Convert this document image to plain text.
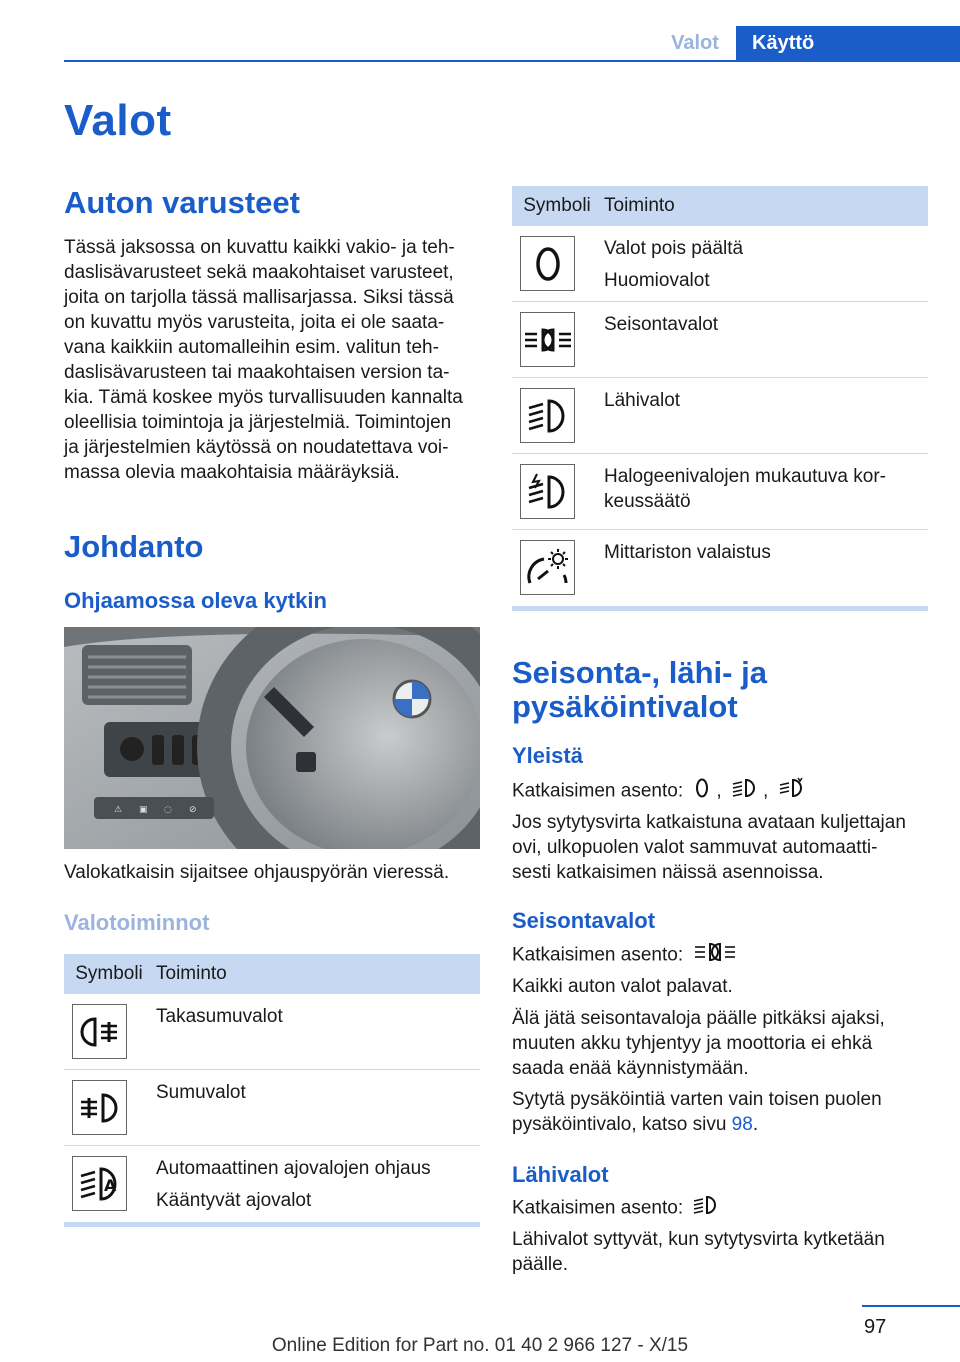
Valot	Käyttö
Valot
Auton varusteet
Tässä jaksossa on kuvattu kaikki vakio- ja teh-
daslisävarusteet sekä maakohtaiset varusteet,
joita on tarjolla tässä mallisarjassa. Siksi tässä
on kuvattu myös varusteita, joita ei ole saata-
vana kaikkiin automalleihin esim. valitun teh-
daslisävarusteen tai maakohtaisen version ta-
kia. Tämä koskee myös turvallisuuden kannalta
oleellisia toimintoja ja järjestelmiä. Toimintojen
ja järjestelmien käytössä on noudatettava voi-
massa olevia maakohtaisia määräyksiä.
Johdanto
Ohjaamossa oleva kytkin
⚠ ▣ ◌ ⊘
Valokatkaisin sijaitsee ohjauspyörän vieressä.
Valotoiminnot
Symboli Toiminto
Takasumuvalot
Sumuvalot
A
Automaattinen ajovalojen ohjaus
Kääntyvät ajovalot
Symboli Toiminto
Valot pois päältä
Huomiovalot
Seisontavalot
Lähivalot
Halogeenivalojen mukautuva kor-
keussäätö
Mittariston valaistus
Seisonta-, lähi- ja
pysäköintivalot
Yleistä
Katkaisimen asento: , ,
Jos sytytysvirta katkaistuna avataan kuljettajan
ovi, ulkopuolen valot sammuvat automaatti-
sesti katkaisimen näissä asennoissa.
Seisontavalot
Katkaisimen asento:
Kaikki auton valot palavat.
Älä jätä seisontavaloja päälle pitkäksi ajaksi,
muuten akku tyhjentyy ja moottoria ei ehkä
saada enää käynnistymään.
Sytytä pysäköintiä varten vain toisen puolen
pysäköintivalo, katso sivu 98.
Lähivalot
Katkaisimen asento:
Lähivalot syttyvät, kun sytytysvirta kytketään
päälle.
97
Online Edition for Part no. 01 40 2 966 127 - X/15
